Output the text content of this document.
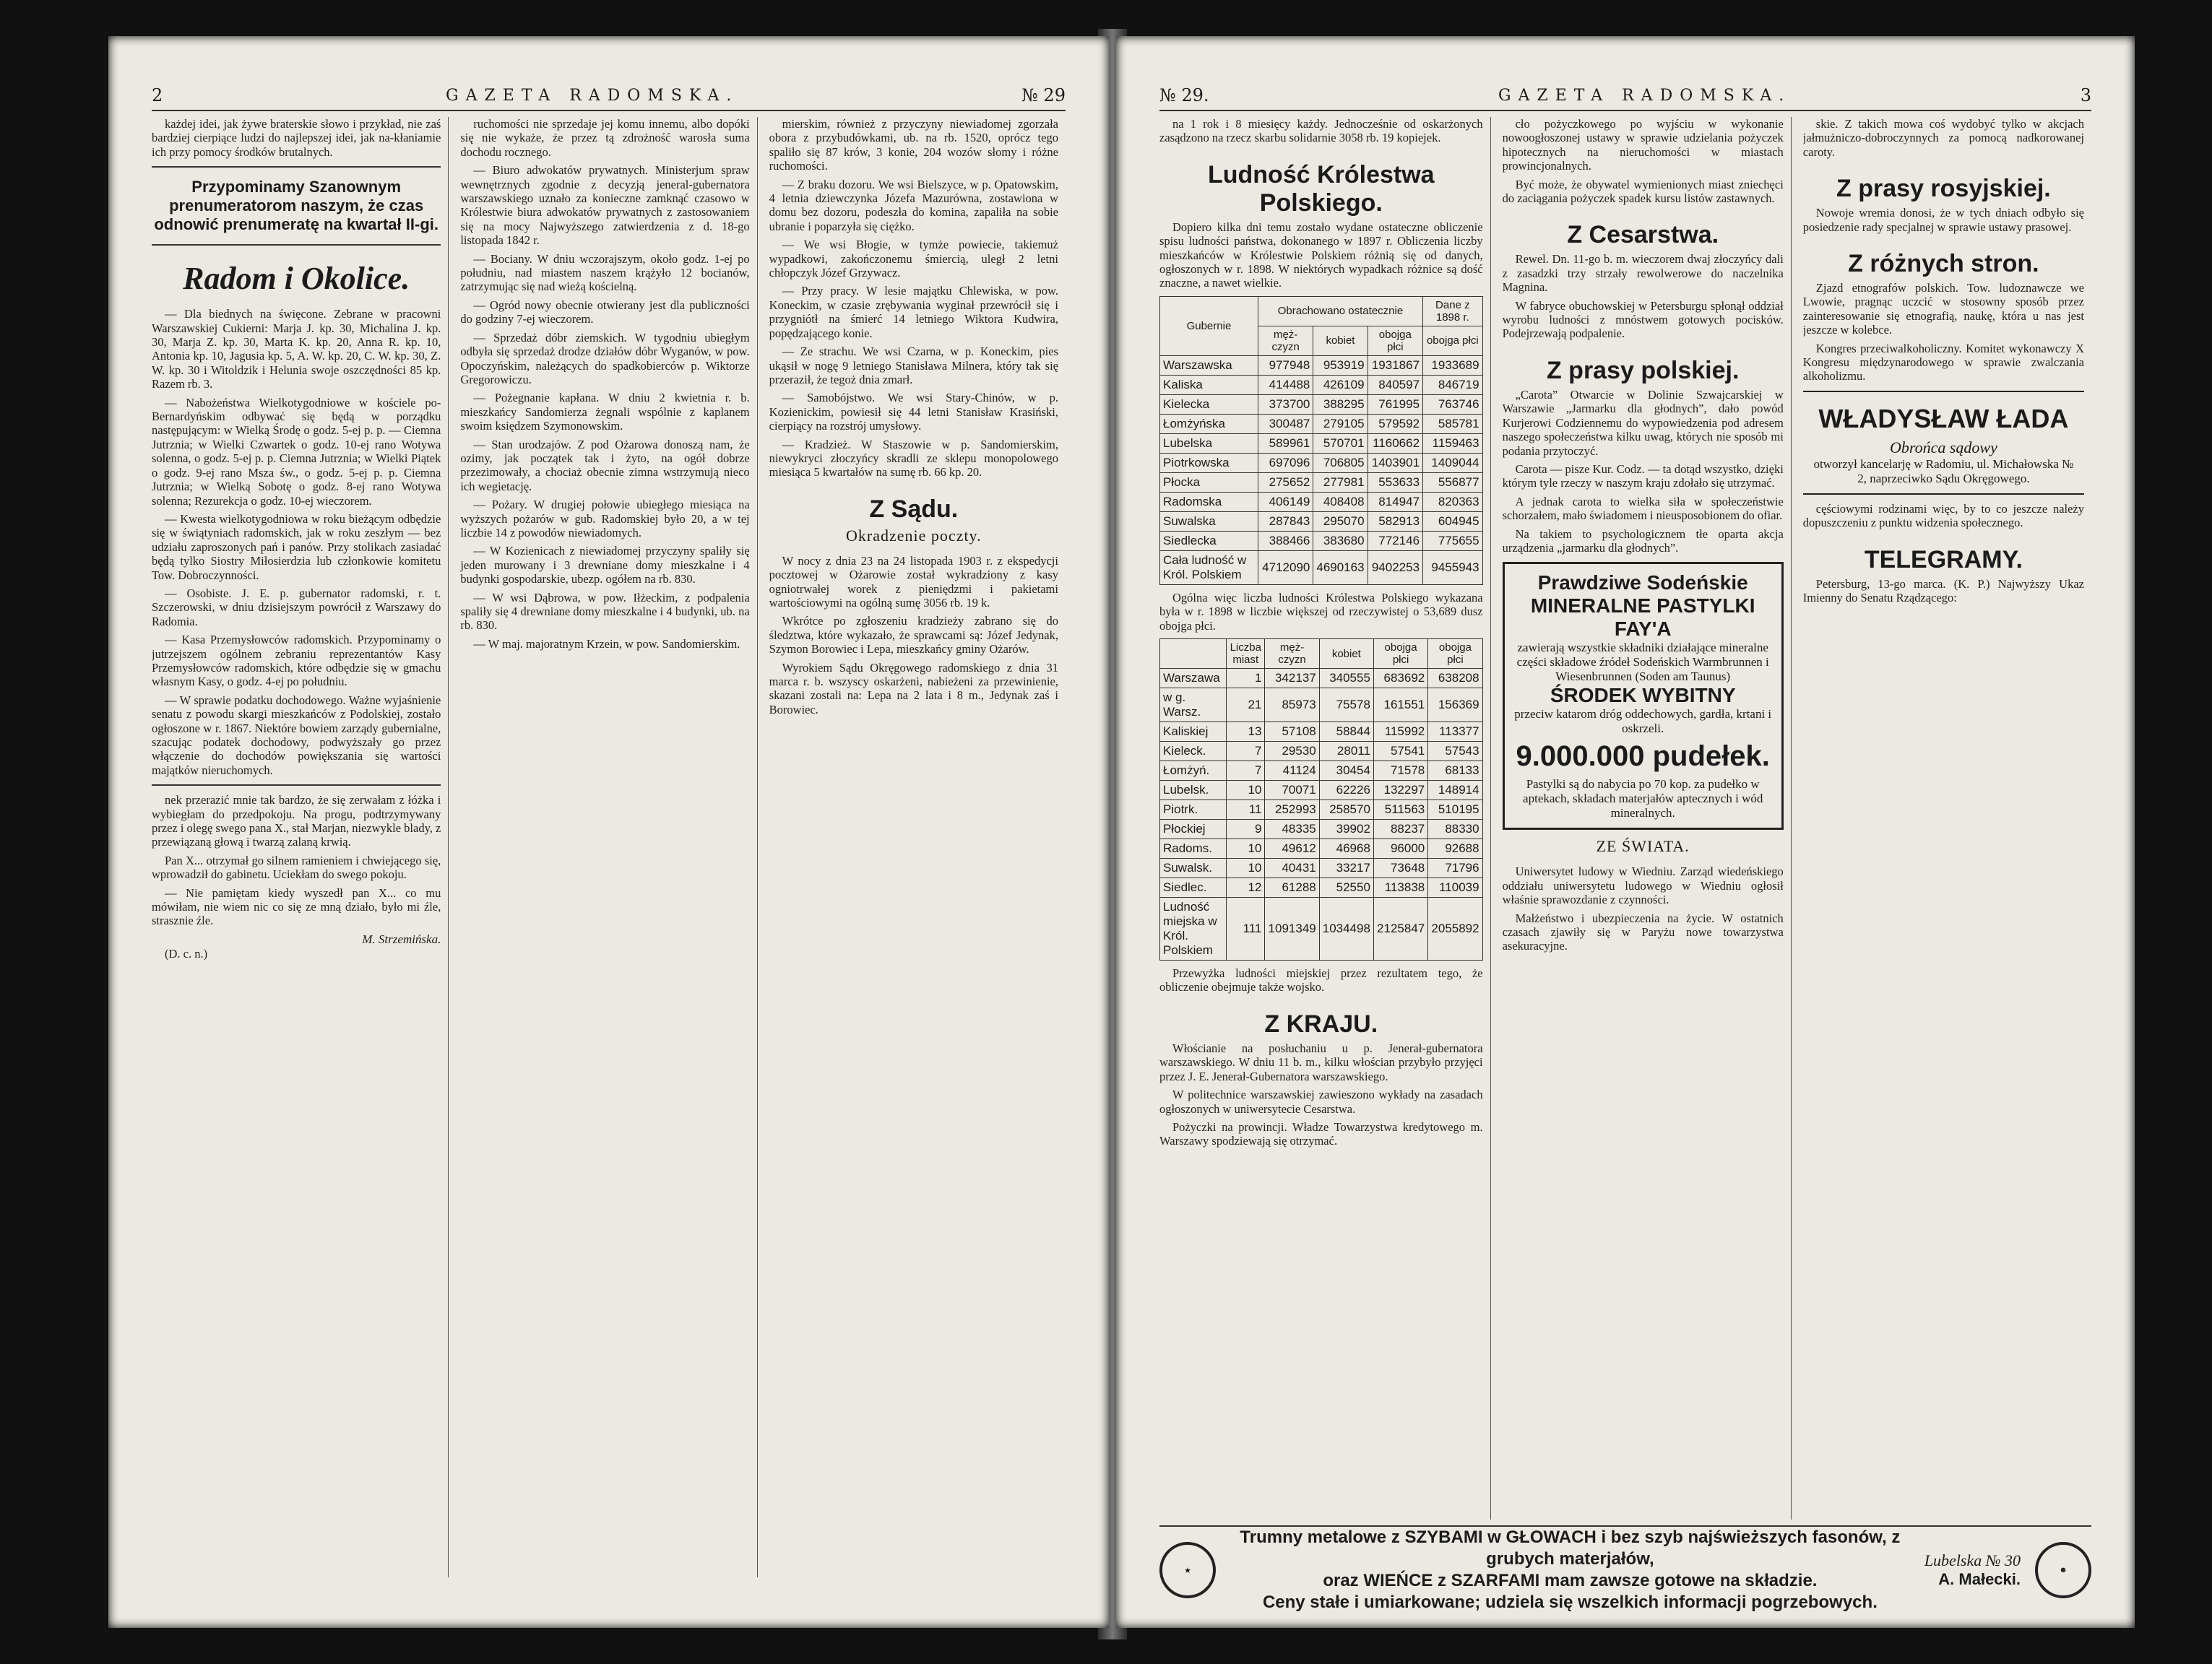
2	GAZETA RADOMSKA.	№ 29

każdej idei, jak żywe braterskie słowo i przykład, nie zaś bardziej cierpiące ludzi do najlepszej idei, jak na-kłaniamie ich przy pomocy środków brutalnych.

Przypominamy Szanownym prenumeratorom naszym, że czas odnowić prenumeratę na kwartał II-gi.
Radom i Okolice.

— Dla biednych na święcone. Zebrane w pracowni Warszawskiej Cukierni: Marja J. kp. 30, Michalina J. kp. 30, Marja Z. kp. 30, Marta K. kp. 20, Anna R. kp. 10, Antonia kp. 10, Jagusia kp. 5, A. W. kp. 20, C. W. kp. 30, Z. W. kp. 30 i Witoldzik i Helunia swoje oszczędności 85 kp. Razem rb. 3.

— Nabożeństwa Wielkotygodniowe w kościele po-Bernardyńskim odbywać się będą w porządku następującym: w Wielką Środę o godz. 5-ej p. p. — Ciemna Jutrznia; w Wielki Czwartek o godz. 10-ej rano Wotywa solenna, o godz. 5-ej p. p. Ciemna Jutrznia; w Wielki Piątek o godz. 9-ej rano Msza św., o godz. 5-ej p. p. Ciemna Jutrznia; w Wielką Sobotę o godz. 8-ej rano Wotywa solenna; Rezurekcja o godz. 10-ej wieczorem.

— Kwesta wielkotygodniowa w roku bieżącym odbędzie się w świątyniach radomskich, jak w roku zeszłym — bez udziału zaproszonych pań i panów. Przy stolikach zasiadać będą tylko Siostry Miłosierdzia lub członkowie komitetu Tow. Dobroczynności.

— Osobiste. J. E. p. gubernator radomski, r. t. Szczerowski, w dniu dzisiejszym powrócił z Warszawy do Radomia.

— Kasa Przemysłowców radomskich. Przypominamy o jutrzejszem ogólnem zebraniu reprezentantów Kasy Przemysłowców radomskich, które odbędzie się w gmachu własnym Kasy, o godz. 4-ej po południu.

— W sprawie podatku dochodowego. Ważne wyjaśnienie senatu z powodu skargi mieszkańców z Podolskiej, zostało ogłoszone w r. 1867. Niektóre bowiem zarządy gubernialne, szacując podatek dochodowy, podwyższały go przez włączenie do dochodów powiększania się wartości majątków nieruchomych.

nek przerazić mnie tak bardzo, że się zerwałam z łóżka i wybiegłam do przedpokoju. Na progu, podtrzymywany przez i olegę swego pana X., stał Marjan, niezwykle blady, z przewiązaną głową i twarzą zalaną krwią.

Pan X... otrzymał go silnem ramieniem i chwiejącego się, wprowadził do gabinetu. Uciekłam do swego pokoju.

— Nie pamiętam kiedy wyszedł pan X... co mu mówiłam, nie wiem nic co się ze mną działo, było mi źle, strasznie źle.

M. Strzemińska.
(D. c. n.)

ruchomości nie sprzedaje jej komu innemu, albo dopóki się nie wykaże, że przez tą zdrożność warosła suma dochodu rocznego.

— Biuro adwokatów prywatnych. Ministerjum spraw wewnętrznych zgodnie z decyzją jeneral-gubernatora warszawskiego uznało za konieczne zamknąć czasowo w Królestwie biura adwokatów prywatnych z zastosowaniem się na mocy Najwyższego zatwierdzenia z d. 18-go listopada 1842 r.

— Bociany. W dniu wczorajszym, około godz. 1-ej po południu, nad miastem naszem krążyło 12 bocianów, zatrzymując się nad wieżą kościelną.

— Ogród nowy obecnie otwierany jest dla publiczności do godziny 7-ej wieczorem.

— Sprzedaż dóbr ziemskich. W tygodniu ubiegłym odbyła się sprzedaż drodze działów dóbr Wyganów, w pow. Opoczyńskim, należących do spadkobierców p. Wiktorze Gregorowiczu.

— Pożegnanie kapłana. W dniu 2 kwietnia r. b. mieszkańcy Sandomierza żegnali wspólnie z kaplanem swoim księdzem Szymonowskim.

— Stan urodzajów. Z pod Ożarowa donoszą nam, że ozimy, jak początek tak i żyto, na ogół dobrze przezimowały, a chociaż obecnie zimna wstrzymują nieco ich wegietację.

— Pożary. W drugiej połowie ubiegłego miesiąca na wyższych pożarów w gub. Radomskiej było 20, a w tej liczbie 14 z powodów niewiadomych.

— W Kozienicach z niewiadomej przyczyny spaliły się jeden murowany i 3 drewniane domy mieszkalne i 4 budynki gospodarskie, ubezp. ogółem na rb. 830.

— W wsi Dąbrowa, w pow. Iłżeckim, z podpalenia spaliły się 4 drewniane domy mieszkalne i 4 budynki, ub. na rb. 830.

— W maj. majoratnym Krzein, w pow. Sandomierskim.

mierskim, również z przyczyny niewiadomej zgorzała obora z przybudówkami, ub. na rb. 1520, oprócz tego spaliło się 87 krów, 3 konie, 204 wozów słomy i różne ruchomości.

— Z braku dozoru. We wsi Bielszyce, w p. Opatowskim, 4 letnia dziewczynka Józefa Mazurówna, zostawiona w domu bez dozoru, podeszła do komina, zapaliła na sobie ubranie i poparzyła się ciężko.

— We wsi Błogie, w tymże powiecie, takiemuż wypadkowi, zakończonemu śmiercią, uległ 2 letni chłopczyk Józef Grzywacz.

— Przy pracy. W lesie majątku Chlewiska, w pow. Koneckim, w czasie zrębywania wyginał przewrócił się i przygniótł na śmierć 14 letniego Wiktora Kudwira, popędzającego konie.

— Ze strachu. We wsi Czarna, w p. Koneckim, pies ukąsił w nogę 9 letniego Stanisława Milnera, który tak się przeraził, że tegoż dnia zmarł.

— Samobójstwo. We wsi Stary-Chinów, w p. Kozienickim, powiesił się 44 letni Stanisław Krasiński, cierpiący na rozstrój umysłowy.

— Kradzież. W Staszowie w p. Sandomierskim, niewykryci złoczyńcy skradli ze sklepu monopolowego miesiąca 5 kwartałów na sumę rb. 66 kp. 20.

Z Sądu.
Okradzenie poczty.

W nocy z dnia 23 na 24 listopada 1903 r. z ekspedycji pocztowej w Ożarowie został wykradziony z kasy ogniotrwałej worek z pieniędzmi i pakietami wartościowymi na ogólną sumę 3056 rb. 19 k.

Wkrótce po zgłoszeniu kradzieży zabrano się do śledztwa, które wykazało, że sprawcami są: Józef Jedynak, Szymon Borowiec i Lepa, mieszkańcy gminy Ożarów.

Wyrokiem Sądu Okręgowego radomskiego z dnia 31 marca r. b. wszyscy oskarżeni, nabieżeni za przewinienie, skazani zostali na: Lepa na 2 lata i 8 m., Jedynak zaś i Borowiec.

№ 29.	GAZETA RADOMSKA.	3

na 1 rok i 8 miesięcy każdy. Jednocześnie od oskarżonych zasądzono na rzecz skarbu solidarnie 3058 rb. 19 kopiejek.

Ludność Królestwa Polskiego.

Dopiero kilka dni temu zostało wydane ostateczne obliczenie spisu ludności państwa, dokonanego w 1897 r. Obliczenia liczby mieszkańców w Królestwie Polskiem różnią się od danych, ogłoszonych w r. 1898. W niektórych wypadkach różnice są dość znaczne, a nawet wielkie.

Gubernie	Obrachowano ostatecznie			Dane z 1898 r.
	męż-czyzn	kobiet	obojga płci	obojga płci
Warszawska	977948	953919	1931867	1933689
Kaliska	414488	426109	840597	846719
Kielecka	373700	388295	761995	763746
Łomżyńska	300487	279105	579592	585781
Lubelska	589961	570701	1160662	1159463
Piotrkowska	697096	706805	1403901	1409044
Płocka	275652	277981	553633	556877
Radomska	406149	408408	814947	820363
Suwalska	287843	295070	582913	604945
Siedlecka	388466	383680	772146	775655
Cała ludność w Król. Polskiem	4712090	4690163	9402253	9455943

Ogólna więc liczba ludności Królestwa Polskiego wykazana była w r. 1898 w liczbie większej od rzeczywistej o 53,689 dusz obojga płci.

	Liczba miast	męż-czyzn	kobiet	obojga płci	obojga płci
Warszawa	1	342137	340555	683692	638208
w g. Warsz.	21	85973	75578	161551	156369
Kaliskiej	13	57108	58844	115992	113377
Kieleck.	7	29530	28011	57541	57543
Łomżyń.	7	41124	30454	71578	68133
Lubelsk.	10	70071	62226	132297	148914
Piotrk.	11	252993	258570	511563	510195
Płockiej	9	48335	39902	88237	88330
Radoms.	10	49612	46968	96000	92688
Suwalsk.	10	40431	33217	73648	71796
Siedlec.	12	61288	52550	113838	110039
Ludność miejska w Król. Polskiem	111	1091349	1034498	2125847	2055892

Przewyżka ludności miejskiej przez rezultatem tego, że obliczenie obejmuje także wojsko.

Z KRAJU.

Włościanie na posłuchaniu u p. Jenerał-gubernatora warszawskiego. W dniu 11 b. m., kilku włościan przybyło przyjęci przez J. E. Jenerał-Gubernatora warszawskiego.

W politechnice warszawskiej zawieszono wykłady na zasadach ogłoszonych w uniwersytecie Cesarstwa.

Pożyczki na prowincji. Władze Towarzystwa kredytowego m. Warszawy spodziewają się otrzymać.

cło pożyczkowego po wyjściu w wykonanie nowoogłoszonej ustawy w sprawie udzielania pożyczek hipotecznych na nieruchomości w miastach prowincjonalnych.

Być może, że obywatel wymienionych miast zniechęci do zaciągania pożyczek spadek kursu listów zastawnych.

Z Cesarstwa.

Rewel. Dn. 11-go b. m. wieczorem dwaj złoczyńcy dali z zasadzki trzy strzały rewolwerowe do naczelnika Magnina.

W fabryce obuchowskiej w Petersburgu spłonął oddział wyrobu ludności z mnóstwem gotowych pocisków. Podejrzewają podpalenie.

Z prasy polskiej.

„Carota” Otwarcie w Dolinie Szwajcarskiej w Warszawie „Jarmarku dla głodnych”, dało powód Kurjerowi Codziennemu do wypowiedzenia pod adresem naszego społeczeństwa kilku uwag, których nie sposób mi podania przytoczyć.

Carota — pisze Kur. Codz. — ta dotąd wszystko, dzięki którym tyle rzeczy w naszym kraju zdołało się utrzymać.

A jednak carota to wielka siła w społeczeństwie schorzałem, mało świadomem i nieusposobionem do ofiar.

Na takiem to psychologicznem tłe oparta akcja urządzenia „jarmarku dla głodnych”.

Prawdziwe Sodeńskie MINERALNE PASTYLKI FAY'A
zawierają wszystkie składniki działające mineralne części składowe źródeł Sodeńskich Warmbrunnen i Wiesenbrunnen (Soden am Taunus)
ŚRODEK WYBITNY
przeciw katarom dróg oddechowych, gardła, krtani i oskrzeli.
9.000.000 pudełek.
Pastylki są do nabycia po 70 kop. za pudełko w aptekach, składach materjałów aptecznych i wód mineralnych.
ZE ŚWIATA.

Uniwersytet ludowy w Wiedniu. Zarząd wiedeńskiego oddziału uniwersytetu ludowego w Wiedniu ogłosił właśnie sprawozdanie z czynności.

Małżeństwo i ubezpieczenia na życie. W ostatnich czasach zjawiły się w Paryżu nowe towarzystwa asekuracyjne.

skie. Z takich mowa coś wydobyć tylko w akcjach jałmużniczo-dobroczynnych za pomocą nadkorowanej caroty.

Z prasy rosyjskiej.

Nowoje wremia donosi, że w tych dniach odbyło się posiedzenie rady specjalnej w sprawie ustawy prasowej.

Z różnych stron.

Zjazd etnografów polskich. Tow. ludoznawcze we Lwowie, pragnąc uczcić w stosowny sposób przez zainteresowanie się etnografią, naukę, która u nas jest jeszcze w kolebce.

Kongres przeciwalkoholiczny. Komitet wykonawczy X Kongresu międzynarodowego w sprawie zwalczania alkoholizmu.

WŁADYSŁAW ŁADA
Obrońca sądowy
otworzył kancelarję w Radomiu, ul. Michałowska № 2, naprzeciwko Sądu Okręgowego.

cęściowymi rodzinami więc, by to co jeszcze należy dopuszczeniu z punktu widzenia społecznego.

TELEGRAMY.

Petersburg, 13-go marca. (K. P.) Najwyższy Ukaz Imienny do Senatu Rządzącego:

★
Trumny metalowe z SZYBAMI w GŁOWACH i bez szyb najświeższych fasonów, z grubych materjałów,
oraz WIEŃCE z SZARFAMI mam zawsze gotowe na składzie.
Ceny stałe i umiarkowane; udziela się wszelkich informacji pogrzebowych.
Lubelska № 30
A. Małecki.	☻
